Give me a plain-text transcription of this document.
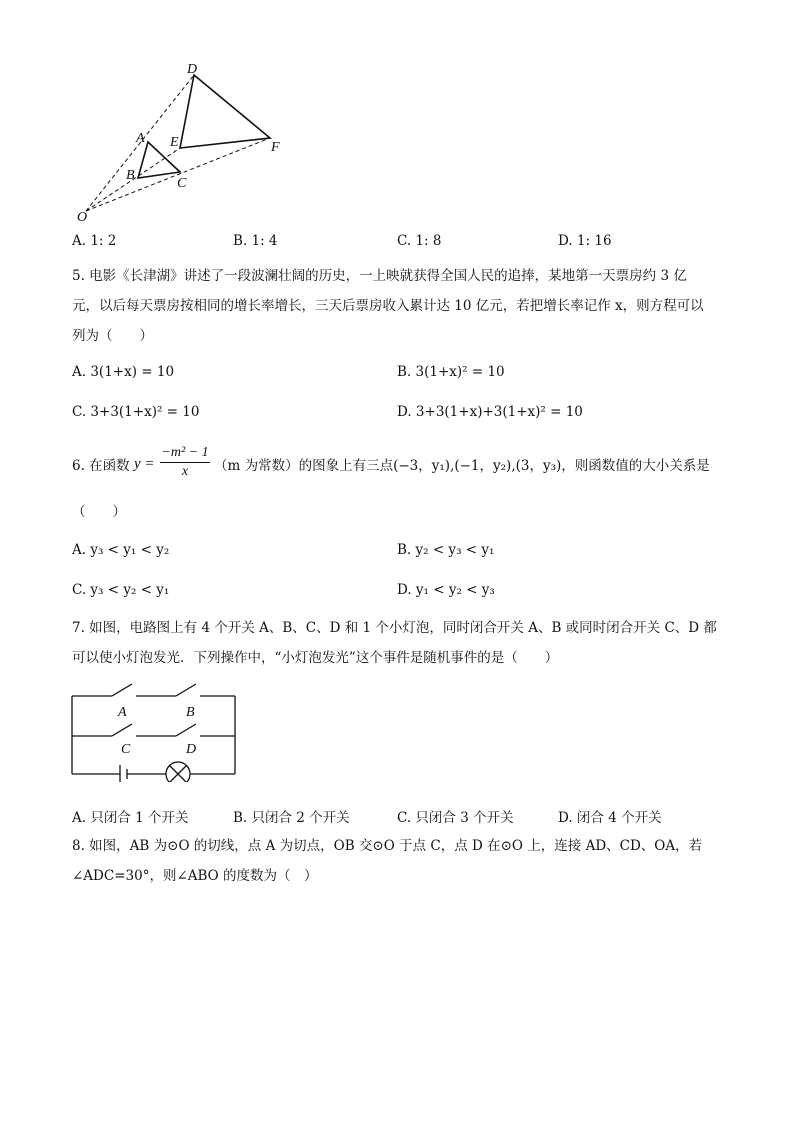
D
A E	F
B
C
O
A. 1: 2	B. 1: 4	C. 1: 8	D. 1: 16
5. 电影《长津湖》讲述了一段波澜壮阔的历史，一上映就获得全国人民的追捧，某地第一天票房约 3 亿
元，以后每天票房按相同的增长率增长，三天后票房收入累计达 10 亿元，若把增长率记作 x，则方程可以
列为（　　）
A. 3(1+x) = 10	B. 3(1+x)² = 10
C. 3+3(1+x)² = 10	D. 3+3(1+x)+3(1+x)² = 10
6. 在函数 $y = \frac{\text{−m² − 1}}{x} (m$ 为常数）的图象上有三点(−3，y₁),(−1，y₂),(3，y₃)，则函数值的大小关系是
（　　）
A. y₃ < y₁ < y₂	B. y₂ < y₃ < y₁
C. y₃ < y₂ < y₁	D. y₁ < y₂ < y₃
7. 如图，电路图上有 4 个开关 A、B、C、D 和 1 个小灯泡，同时闭合开关 A、B 或同时闭合开关 C、D 都
可以使小灯泡发光．下列操作中，“小灯泡发光”这个事件是随机事件的是（　　）
A	B
C	D
A. 只闭合 1 个开关	B. 只闭合 2 个开关	C. 只闭合 3 个开关	D. 闭合 4 个开关
8. 如图，AB 为⊙O 的切线，点 A 为切点，OB 交⊙O 于点 C，点 D 在⊙O 上，连接 AD、CD、OA，若
∠ADC=30°，则∠ABO 的度数为（　）
